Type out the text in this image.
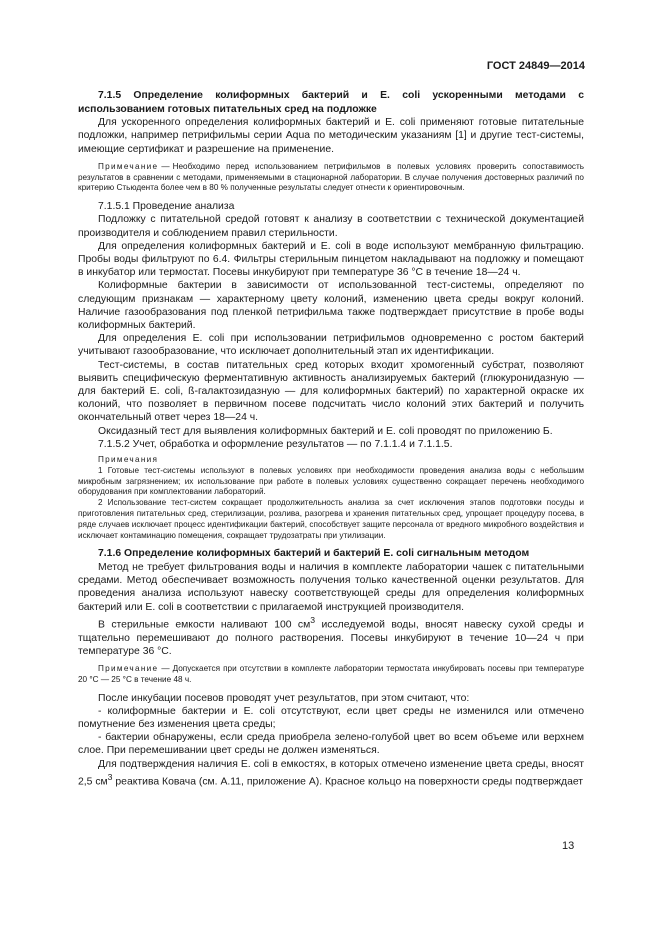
ГОСТ 24849—2014

7.1.5 Определение колиформных бактерий и E. coli ускоренными методами с использованием готовых питательных сред на подложке

Для ускоренного определения колиформных бактерий и E. coli применяют готовые питательные подложки, например петрифильмы серии Aqua по методическим указаниям [1] и другие тест-системы, имеющие сертификат и разрешение на применение.

Примечание — Необходимо перед использованием петрифильмов в полевых условиях проверить сопоставимость результатов в сравнении с методами, применяемыми в стационарной лаборатории. В случае получения достоверных различий по критерию Стьюдента более чем в 80 % полученные результаты следует отнести к ориентировочным.

7.1.5.1 Проведение анализа

Подложку с питательной средой готовят к анализу в соответствии с технической документацией производителя и соблюдением правил стерильности.

Для определения колиформных бактерий и E. coli в воде используют мембранную фильтрацию. Пробы воды фильтруют по 6.4. Фильтры стерильным пинцетом накладывают на подложку и помещают в инкубатор или термостат. Посевы инкубируют при температуре 36 °С в течение 18—24 ч.

Колиформные бактерии в зависимости от использованной тест-системы, определяют по следующим признакам — характерному цвету колоний, изменению цвета среды вокруг колоний. Наличие газообразования под пленкой петрифильма также подтверждает присутствие в пробе воды колиформных бактерий.

Для определения E. coli при использовании петрифильмов одновременно с ростом бактерий учитывают газообразование, что исключает дополнительный этап их идентификации.

Тест-системы, в состав питательных сред которых входит хромогенный субстрат, позволяют выявить специфическую ферментативную активность анализируемых бактерий (глюкуронидазную — для бактерий E. coli, ß-галактозидазную — для колиформных бактерий) по характерной окраске их колоний, что позволяет в первичном посеве подсчитать число колоний этих бактерий и получить окончательный ответ через 18—24 ч.

Оксидазный тест для выявления колиформных бактерий и E. coli проводят по приложению Б.

7.1.5.2 Учет, обработка и оформление результатов — по 7.1.1.4 и 7.1.1.5.

Примечания

1 Готовые тест-системы используют в полевых условиях при необходимости проведения анализа воды с небольшим микробным загрязнением; их использование при работе в полевых условиях существенно сокращает перечень необходимого оборудования при комплектовании лабораторий.

2 Использование тест-систем сокращает продолжительность анализа за счет исключения этапов подготовки посуды и приготовления питательных сред, стерилизации, розлива, разогрева и хранения питательных сред, упрощает процедуру посева, в ряде случаев исключает процесс идентификации бактерий, способствует защите персонала от вредного микробного воздействия и исключает контаминацию помещения, сокращает трудозатраты при утилизации.

7.1.6 Определение колиформных бактерий и бактерий E. coli сигнальным методом

Метод не требует фильтрования воды и наличия в комплекте лаборатории чашек с питательными средами. Метод обеспечивает возможность получения только качественной оценки результатов. Для проведения анализа используют навеску соответствующей среды для определения колиформных бактерий или E. coli в соответствии с прилагаемой инструкцией производителя.

В стерильные емкости наливают 100 $см^3$ исследуемой воды, вносят навеску сухой среды и тщательно перемешивают до полного растворения. Посевы инкубируют в течение 10—24 ч при температуре 36 °С.

Примечание — Допускается при отсутствии в комплекте лаборатории термостата инкубировать посевы при температуре 20 °С — 25 °С в течение 48 ч.

После инкубации посевов проводят учет результатов, при этом считают, что:

- колиформные бактерии и E. coli отсутствуют, если цвет среды не изменился или отмечено помутнение без изменения цвета среды;

- бактерии обнаружены, если среда приобрела зелено-голубой цвет во всем объеме или верхнем слое. При перемешивании цвет среды не должен изменяться.

Для подтверждения наличия E. coli в емкостях, в которых отмечено изменение цвета среды, вносят 2,5 $см^3$ реактива Ковача (см. А.11, приложение А). Красное кольцо на поверхности среды подтверждает

13
